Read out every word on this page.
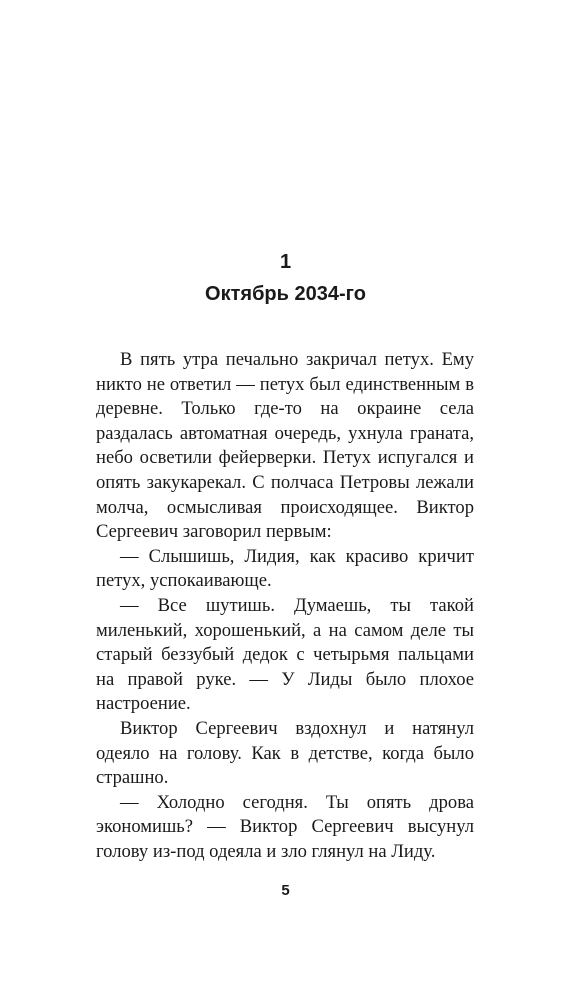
1
Октябрь 2034-го

В пять утра печально закричал петух. Ему никто не ответил — петух был единственным в деревне. Только где-то на окраине села раздалась автоматная очередь, ухнула граната, небо осветили фейерверки. Петух испугался и опять закукарекал. С полчаса Петровы лежали молча, осмысливая происходящее. Виктор Сергеевич заговорил первым:

— Слышишь, Лидия, как красиво кричит петух, успокаивающе.

— Все шутишь. Думаешь, ты такой миленький, хорошенький, а на самом деле ты старый беззубый дедок с четырьмя пальцами на правой руке. — У Лиды было плохое настроение.

Виктор Сергеевич вздохнул и натянул одеяло на голову. Как в детстве, когда было страшно.

— Холодно сегодня. Ты опять дрова экономишь? — Виктор Сергеевич высунул голову из-под одеяла и зло глянул на Лиду.

5
